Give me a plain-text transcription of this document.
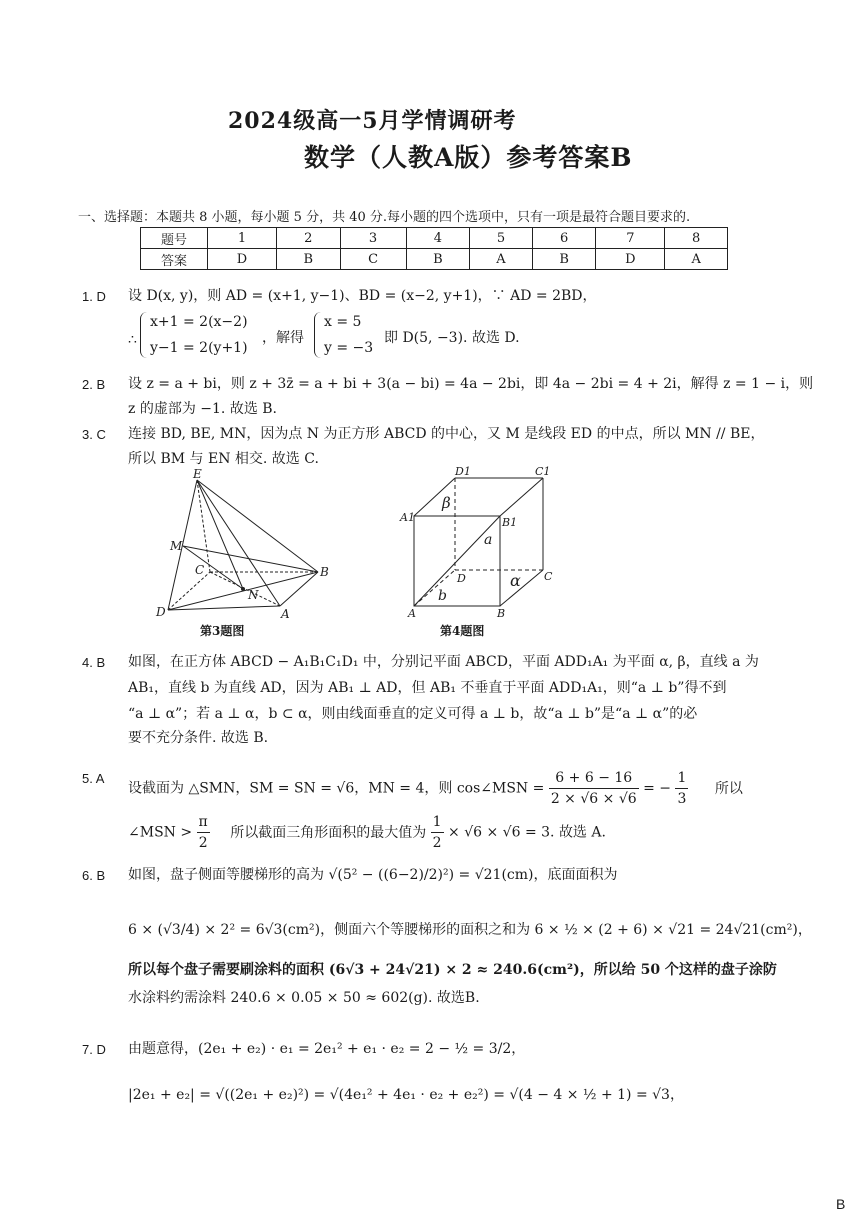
2024级高一5月学情调研考
数学（人教A版）参考答案B
一、选择题：本题共 8 小题，每小题 5 分，共 40 分.每小题的四个选项中，只有一项是最符合题目要求的.
题号	1	2	3	4	5	6	7	8
答案	D	B	C	B	A	B	D	A
1. D 设 D(x, y)，则 AD = (x+1, y−1)、BD = (x−2, y+1)，∵ AD = 2BD，
∴
x+1 = 2(x−2)
y−1 = 2(y+1)
，解得
x = 5
y = −3
即 D(5, −3). 故选 D.
2. B 设 z = a + bi，则 z + 3z̄ = a + bi + 3(a − bi) = 4a − 2bi，即 4a − 2bi = 4 + 2i，解得 z = 1 − i，则
z 的虚部为 −1. 故选 B.
3. C 连接 BD, BE, MN，因为点 N 为正方形 ABCD 的中心，又 M 是线段 ED 的中点，所以 MN // BE，
所以 BM 与 EN 相交. 故选 C.
E
M
C	B
D
N
A
第3题图
D1	C1
A1	B1
β
a
D	α C
b
A	B
第4题图
4. B 如图，在正方体 ABCD − A₁B₁C₁D₁ 中，分别记平面 ABCD，平面 ADD₁A₁ 为平面 α, β，直线 a 为
AB₁，直线 b 为直线 AD，因为 AB₁ ⊥ AD，但 AB₁ 不垂直于平面 ADD₁A₁，则“a ⊥ b”得不到
“a ⊥ α”；若 a ⊥ α，b ⊂ α，则由线面垂直的定义可得 a ⊥ b，故“a ⊥ b”是“a ⊥ α”的必
要不充分条件. 故选 B.
5. A
设截面为 △SMN，SM = SN = √6，MN = 4，则 cos∠MSN = $\frac{6 + 6 - 16}{2 \times √6 \times √6}$ = − $\frac{1}{3}$ 所以
∠MSN > $\frac{\pi}{2}$ 所以截面三角形面积的最大值为 $\frac{1}{2} \times √6 \times √6 = 3$. 故选 A.
6. B 如图，盘子侧面等腰梯形的高为 √(5² − ((6−2)/2)²) = √21(cm)，底面面积为
6 × (√3/4) × 2² = 6√3(cm²)，侧面六个等腰梯形的面积之和为 6 × ½ × (2 + 6) × √21 = 24√21(cm²)，
所以每个盘子需要刷涂料的面积 (6√3 + 24√21) × 2 ≈ 240.6(cm²)，所以给 50 个这样的盘子涂防
水涂料约需涂料 240.6 × 0.05 × 50 ≈ 602(g). 故选B.
7. D 由题意得，(2e₁ + e₂) · e₁ = 2e₁² + e₁ · e₂ = 2 − ½ = 3/2，
|2e₁ + e₂| = √((2e₁ + e₂)²) = √(4e₁² + 4e₁ · e₂ + e₂²) = √(4 − 4 × ½ + 1) = √3，
B
